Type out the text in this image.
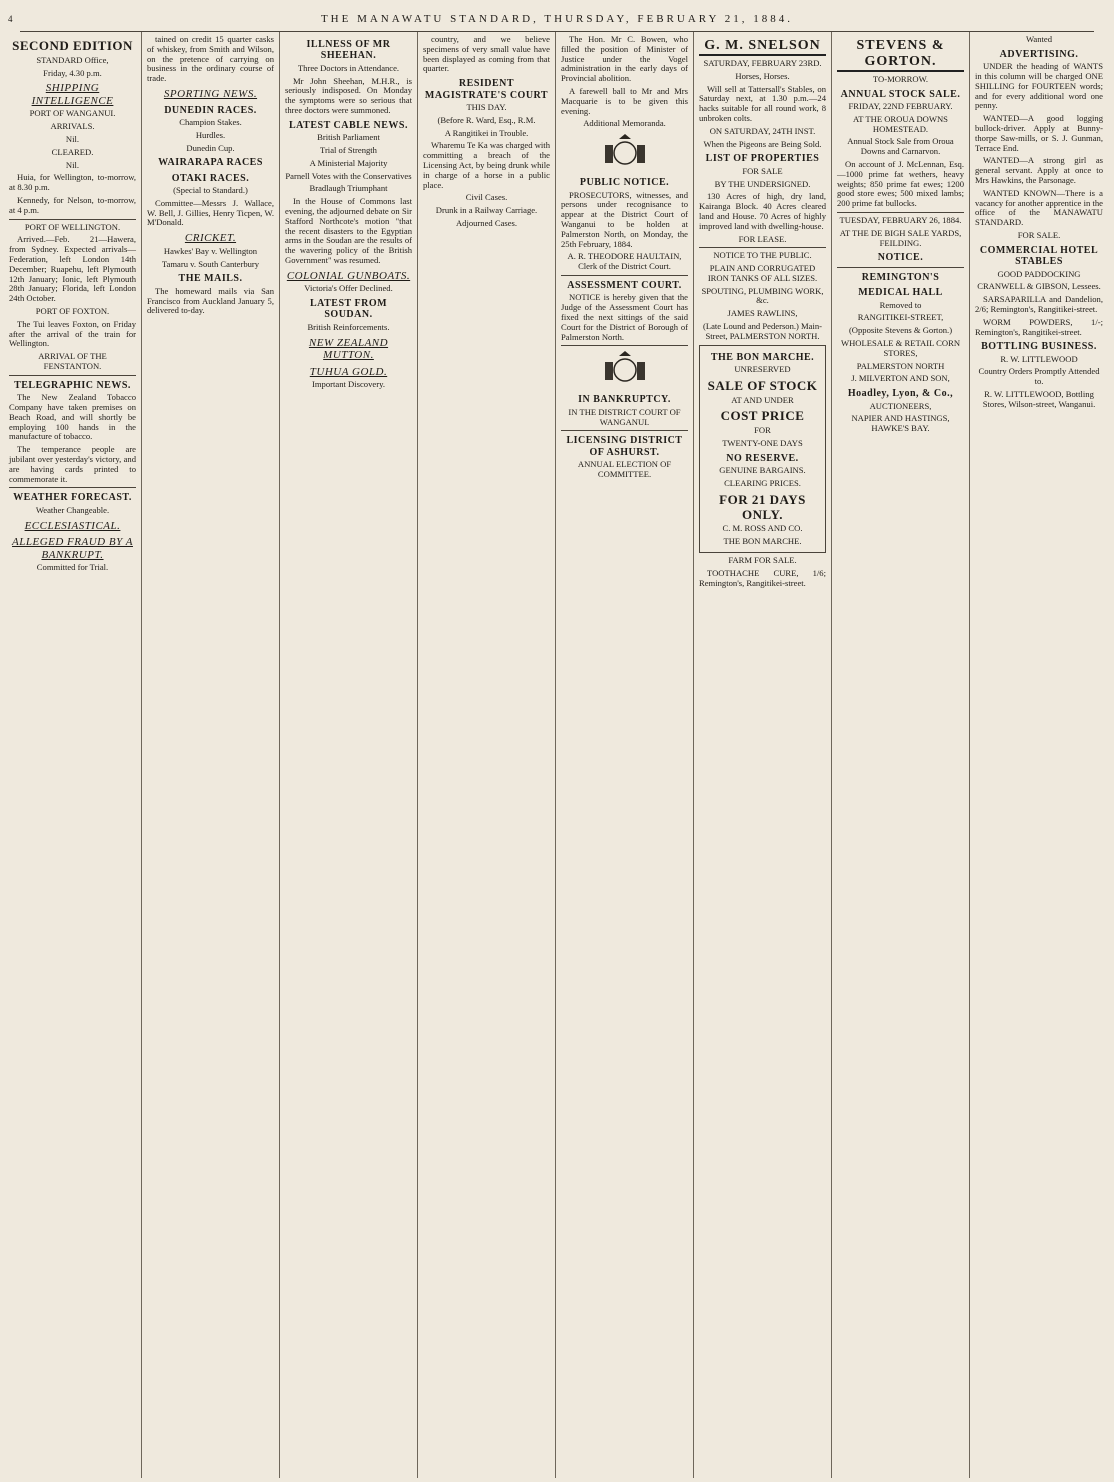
4	THE MANAWATU STANDARD, THURSDAY, FEBRUARY 21, 1884.
SECOND EDITION

STANDARD Office,

Friday, 4.30 p.m.

SHIPPING INTELLIGENCE

PORT OF WANGANUI.

ARRIVALS.

Nil.

CLEARED.

Nil.

Huia, for Wellington, to-morrow, at 8.30 p.m.

Kennedy, for Nelson, to-morrow, at 4 p.m.

PORT OF WELLINGTON.

Arrived.—Feb. 21—Hawera, from Sydney. Expected arrivals—Federation, left London 14th December; Ruapehu, left Plymouth 12th January; Ionic, left Plymouth 28th January; Florida, left London 24th October.

PORT OF FOXTON.

The Tui leaves Foxton, on Friday after the arrival of the train for Wellington.

ARRIVAL OF THE FENSTANTON.

TELEGRAPHIC NEWS.

The New Zealand Tobacco Company have taken premises on Beach Road, and will shortly be employing 100 hands in the manufacture of tobacco.

The temperance people are jubilant over yesterday's victory, and are having cards printed to commemorate it.

WEATHER FORECAST.

Weather Changeable.

ECCLESIASTICAL.
ALLEGED FRAUD BY A BANKRUPT.

Committed for Trial.

tained on credit 15 quarter casks of whiskey, from Smith and Wilson, on the pretence of carrying on business in the ordinary course of trade.

SPORTING NEWS.
DUNEDIN RACES.

Champion Stakes.

Hurdles.

Dunedin Cup.

WAIRARAPA RACES
OTAKI RACES.

(Special to Standard.)

Committee—Messrs J. Wallace, W. Bell, J. Gillies, Henry Ticpen, W. M'Donald.

CRICKET.

Hawkes' Bay v. Wellington

Tamaru v. South Canterbury

THE MAILS.

The homeward mails via San Francisco from Auckland January 5, delivered to-day.

ILLNESS OF MR SHEEHAN.

Three Doctors in Attendance.

Mr John Sheehan, M.H.R., is seriously indisposed. On Monday the symptoms were so serious that three doctors were summoned.

LATEST CABLE NEWS.

British Parliament

Trial of Strength

A Ministerial Majority

Parnell Votes with the Conservatives

Bradlaugh Triumphant

In the House of Commons last evening, the adjourned debate on Sir Stafford Northcote's motion "that the recent disasters to the Egyptian arms in the Soudan are the results of the wavering policy of the British Government" was resumed.

COLONIAL GUNBOATS.

Victoria's Offer Declined.

LATEST FROM SOUDAN.

British Reinforcements.

NEW ZEALAND MUTTON.
TUHUA GOLD.

Important Discovery.

country, and we believe specimens of very small value have been displayed as coming from that quarter.

RESIDENT MAGISTRATE'S COURT

THIS DAY.

(Before R. Ward, Esq., R.M.

A Rangitikei in Trouble.

Wharemu Te Ka was charged with committing a breach of the Licensing Act, by being drunk while in charge of a horse in a public place.

Civil Cases.

Drunk in a Railway Carriage.

Adjourned Cases.

The Hon. Mr C. Bowen, who filled the position of Minister of Justice under the Vogel administration in the early days of Provincial abolition.

A farewell ball to Mr and Mrs Macquarie is to be given this evening.

Additional Memoranda.

PUBLIC NOTICE.

PROSECUTORS, witnesses, and persons under recognisance to appear at the District Court of Wanganui to be holden at Palmerston North, on Monday, the 25th February, 1884.

A. R. THEODORE HAULTAIN, Clerk of the District Court.

ASSESSMENT COURT.

NOTICE is hereby given that the Judge of the Assessment Court has fixed the next sittings of the said Court for the District of Borough of Palmerston North.

IN BANKRUPTCY.

IN THE DISTRICT COURT OF WANGANUI.

LICENSING DISTRICT OF ASHURST.

ANNUAL ELECTION OF COMMITTEE.

G. M. SNELSON

SATURDAY, FEBRUARY 23RD.

Horses, Horses.

Will sell at Tattersall's Stables, on Saturday next, at 1.30 p.m.—24 hacks suitable for all round work, 8 unbroken colts.

ON SATURDAY, 24TH INST.

When the Pigeons are Being Sold.

LIST OF PROPERTIES

FOR SALE

BY THE UNDERSIGNED.

130 Acres of high, dry land, Kairanga Block. 40 Acres cleared land and House. 70 Acres of highly improved land with dwelling-house.

FOR LEASE.

NOTICE TO THE PUBLIC.

PLAIN AND CORRUGATED IRON TANKS OF ALL SIZES.

SPOUTING, PLUMBING WORK, &c.

JAMES RAWLINS,

(Late Lound and Pederson.) Main-Street, PALMERSTON NORTH.

THE BON MARCHE.

UNRESERVED

SALE OF STOCK

AT AND UNDER

COST PRICE

FOR

TWENTY-ONE DAYS

NO RESERVE.

GENUINE BARGAINS.

CLEARING PRICES.

FOR 21 DAYS ONLY.

C. M. ROSS AND CO.

THE BON MARCHE.

FARM FOR SALE.

TOOTHACHE CURE, 1/6; Remington's, Rangitikei-street.

STEVENS & GORTON.

TO-MORROW.

ANNUAL STOCK SALE.

FRIDAY, 22ND FEBRUARY.

AT THE OROUA DOWNS HOMESTEAD.

Annual Stock Sale from Oroua Downs and Carnarvon.

On account of J. McLennan, Esq.—1000 prime fat wethers, heavy weights; 850 prime fat ewes; 1200 good store ewes; 500 mixed lambs; 200 prime fat bullocks.

TUESDAY, FEBRUARY 26, 1884.

AT THE DE BIGH SALE YARDS, FEILDING.

NOTICE.
REMINGTON'S
MEDICAL HALL

Removed to

RANGITIKEI-STREET,

(Opposite Stevens & Gorton.)

WHOLESALE & RETAIL CORN STORES,

PALMERSTON NORTH

J. MILVERTON AND SON,

Hoadley, Lyon, & Co.,

AUCTIONEERS,

NAPIER AND HASTINGS, HAWKE'S BAY.

Wanted

ADVERTISING.

UNDER the heading of WANTS in this column will be charged ONE SHILLING for FOURTEEN words; and for every additional word one penny.

WANTED—A good logging bullock-driver. Apply at Bunny-thorpe Saw-mills, or S. J. Gunman, Terrace End.

WANTED—A strong girl as general servant. Apply at once to Mrs Hawkins, the Parsonage.

WANTED KNOWN—There is a vacancy for another apprentice in the office of the MANAWATU STANDARD.

FOR SALE.

COMMERCIAL HOTEL STABLES

GOOD PADDOCKING

CRANWELL & GIBSON, Lessees.

SARSAPARILLA and Dandelion, 2/6; Remington's, Rangitikei-street.

WORM POWDERS, 1/-; Remington's, Rangitikei-street.

BOTTLING BUSINESS.

R. W. LITTLEWOOD

Country Orders Promptly Attended to.

R. W. LITTLEWOOD, Bottling Stores, Wilson-street, Wanganui.
